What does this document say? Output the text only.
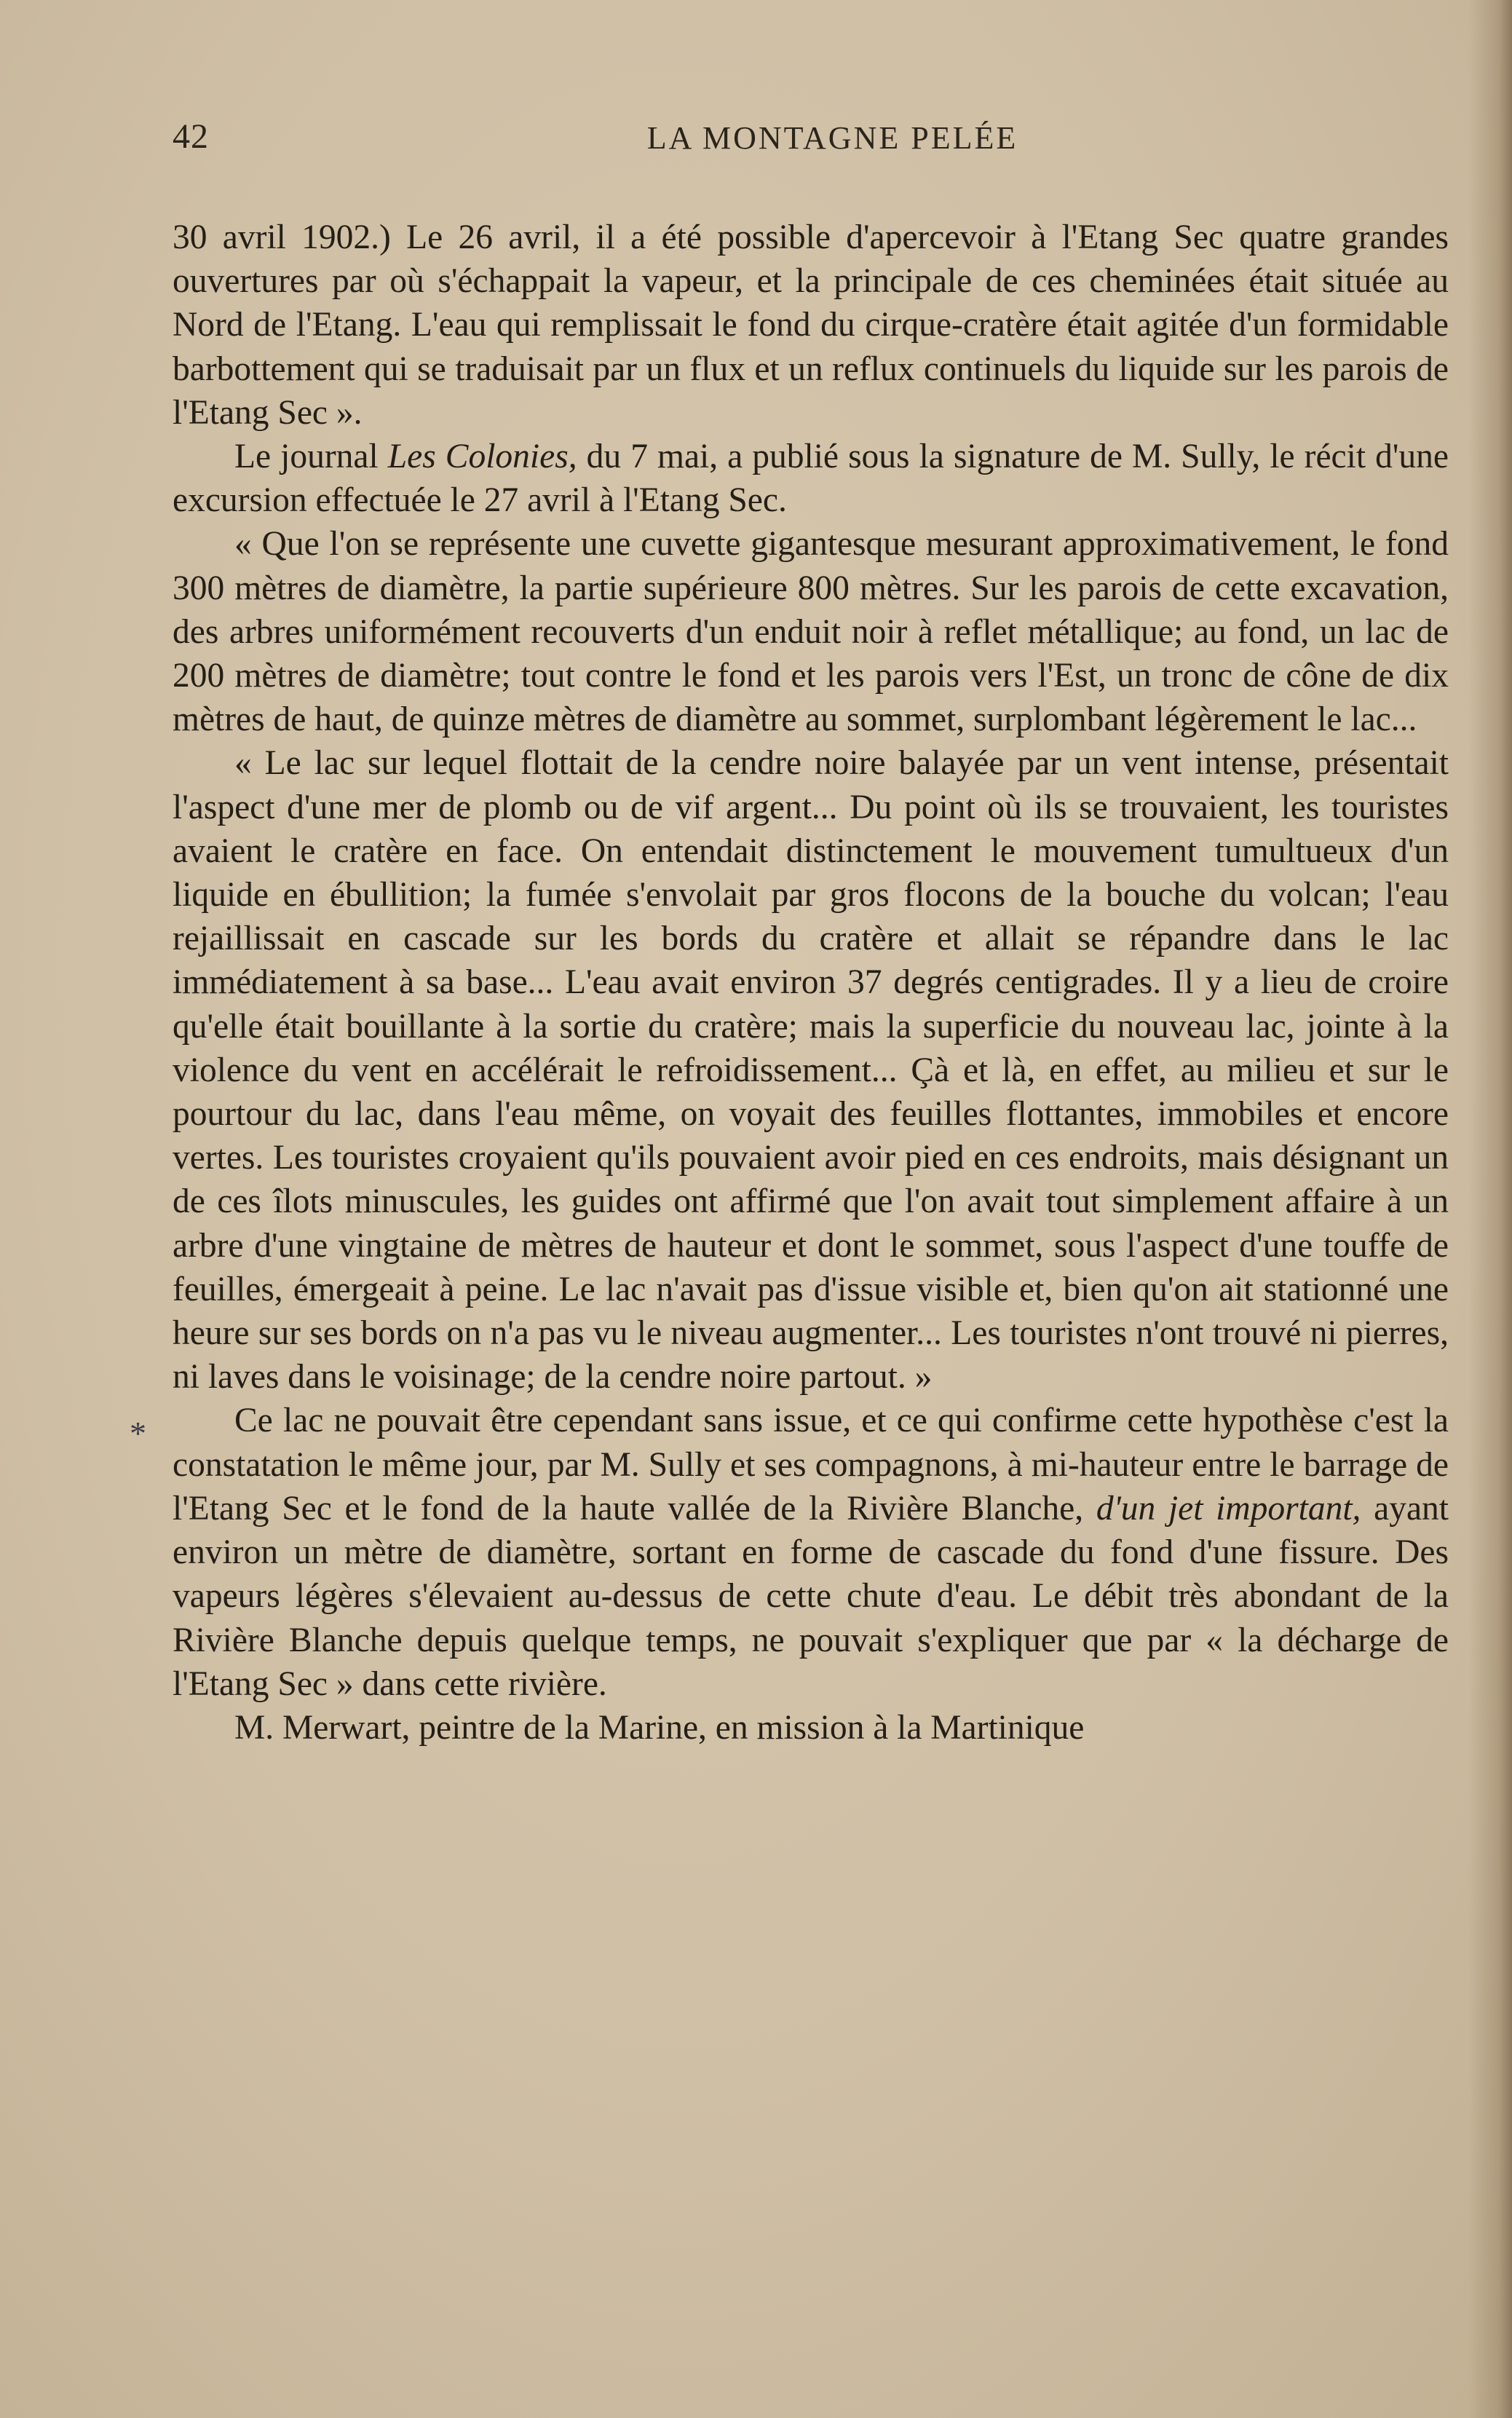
42	LA MONTAGNE PELÉE
*

30 avril 1902.) Le 26 avril, il a été possible d'apercevoir à l'Etang Sec quatre grandes ouvertures par où s'échappait la vapeur, et la principale de ces cheminées était située au Nord de l'Etang. L'eau qui remplissait le fond du cirque-cratère était agitée d'un formidable barbottement qui se traduisait par un flux et un reflux continuels du liquide sur les parois de l'Etang Sec ».

Le journal Les Colonies, du 7 mai, a publié sous la signature de M. Sully, le récit d'une excursion effectuée le 27 avril à l'Etang Sec.

« Que l'on se représente une cuvette gigantesque mesurant approximativement, le fond 300 mètres de diamètre, la partie supérieure 800 mètres. Sur les parois de cette excavation, des arbres uniformément recouverts d'un enduit noir à reflet métallique; au fond, un lac de 200 mètres de diamètre; tout contre le fond et les parois vers l'Est, un tronc de cône de dix mètres de haut, de quinze mètres de diamètre au sommet, surplombant légèrement le lac...

« Le lac sur lequel flottait de la cendre noire balayée par un vent intense, présentait l'aspect d'une mer de plomb ou de vif argent... Du point où ils se trouvaient, les touristes avaient le cratère en face. On entendait distinctement le mouvement tumultueux d'un liquide en ébullition; la fumée s'envolait par gros flocons de la bouche du volcan; l'eau rejaillissait en cascade sur les bords du cratère et allait se répandre dans le lac immédiatement à sa base... L'eau avait environ 37 degrés centigrades. Il y a lieu de croire qu'elle était bouillante à la sortie du cratère; mais la superficie du nouveau lac, jointe à la violence du vent en accélérait le refroidissement... Çà et là, en effet, au milieu et sur le pourtour du lac, dans l'eau même, on voyait des feuilles flottantes, immobiles et encore vertes. Les touristes croyaient qu'ils pouvaient avoir pied en ces endroits, mais désignant un de ces îlots minuscules, les guides ont affirmé que l'on avait tout simplement affaire à un arbre d'une vingtaine de mètres de hauteur et dont le sommet, sous l'aspect d'une touffe de feuilles, émergeait à peine. Le lac n'avait pas d'issue visible et, bien qu'on ait stationné une heure sur ses bords on n'a pas vu le niveau augmenter... Les touristes n'ont trouvé ni pierres, ni laves dans le voisinage; de la cendre noire partout. »

Ce lac ne pouvait être cependant sans issue, et ce qui confirme cette hypothèse c'est la constatation le même jour, par M. Sully et ses compagnons, à mi-hauteur entre le barrage de l'Etang Sec et le fond de la haute vallée de la Rivière Blanche, d'un jet important, ayant environ un mètre de diamètre, sortant en forme de cascade du fond d'une fissure. Des vapeurs légères s'élevaient au-dessus de cette chute d'eau. Le débit très abondant de la Rivière Blanche depuis quelque temps, ne pouvait s'expliquer que par « la décharge de l'Etang Sec » dans cette rivière.

M. Merwart, peintre de la Marine, en mission à la Martinique
